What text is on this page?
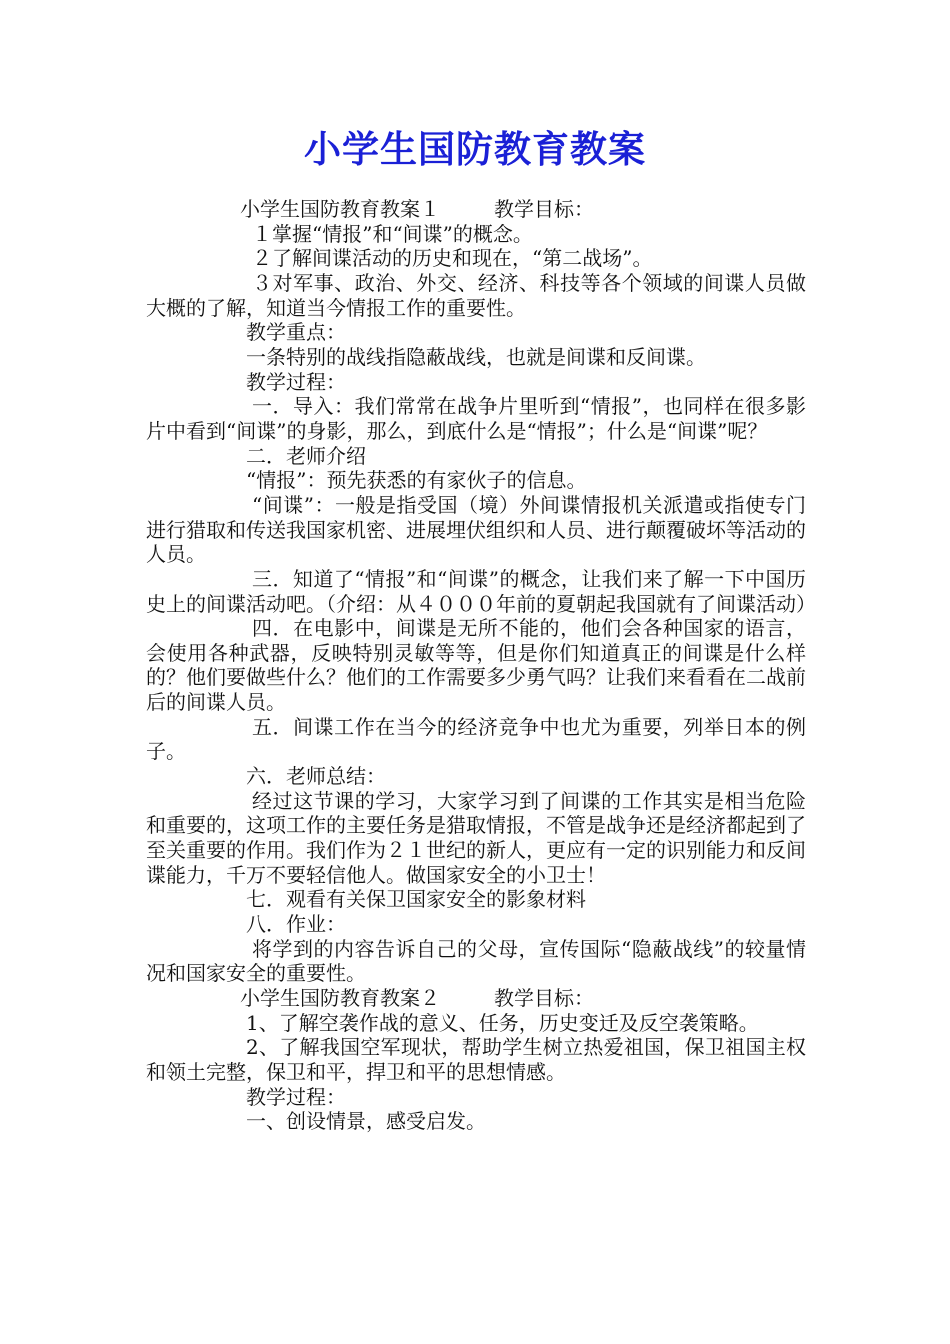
小学生国防教育教案

小学生国防教育教案１	教学目标：

１掌握“情报”和“间谍”的概念。

２了解间谍活动的历史和现在，“第二战场”。

３对军事、政治、外交、经济、科技等各个领域的间谍人员做大概的了解，知道当今情报工作的重要性。

教学重点：

一条特别的战线指隐蔽战线，也就是间谍和反间谍。

教学过程：

一．导入：我们常常在战争片里听到“情报”，也同样在很多影片中看到“间谍”的身影，那么，到底什么是“情报”；什么是“间谍”呢？

二．老师介绍

“情报”：预先获悉的有家伙子的信息。

“间谍”：一般是指受国（境）外间谍情报机关派遣或指使专门进行猎取和传送我国家机密、进展埋伏组织和人员、进行颠覆破坏等活动的人员。

三．知道了“情报”和“间谍”的概念，让我们来了解一下中国历史上的间谍活动吧。（介绍：从４０００年前的夏朝起我国就有了间谍活动）

四．在电影中，间谍是无所不能的，他们会各种国家的语言，会使用各种武器，反映特别灵敏等等，但是你们知道真正的间谍是什么样的？他们要做些什么？他们的工作需要多少勇气吗？让我们来看看在二战前后的间谍人员。

五．间谍工作在当今的经济竞争中也尤为重要，列举日本的例子。

六．老师总结：

经过这节课的学习，大家学习到了间谍的工作其实是相当危险和重要的，这项工作的主要任务是猎取情报，不管是战争还是经济都起到了至关重要的作用。我们作为２１世纪的新人，更应有一定的识别能力和反间谍能力，千万不要轻信他人。做国家安全的小卫士！

七．观看有关保卫国家安全的影象材料

八．作业：

将学到的内容告诉自己的父母，宣传国际“隐蔽战线”的较量情况和国家安全的重要性。

小学生国防教育教案２	教学目标：

1、了解空袭作战的意义、任务，历史变迁及反空袭策略。

2、了解我国空军现状，帮助学生树立热爱祖国，保卫祖国主权和领土完整，保卫和平，捍卫和平的思想情感。

教学过程：

一、创设情景，感受启发。
